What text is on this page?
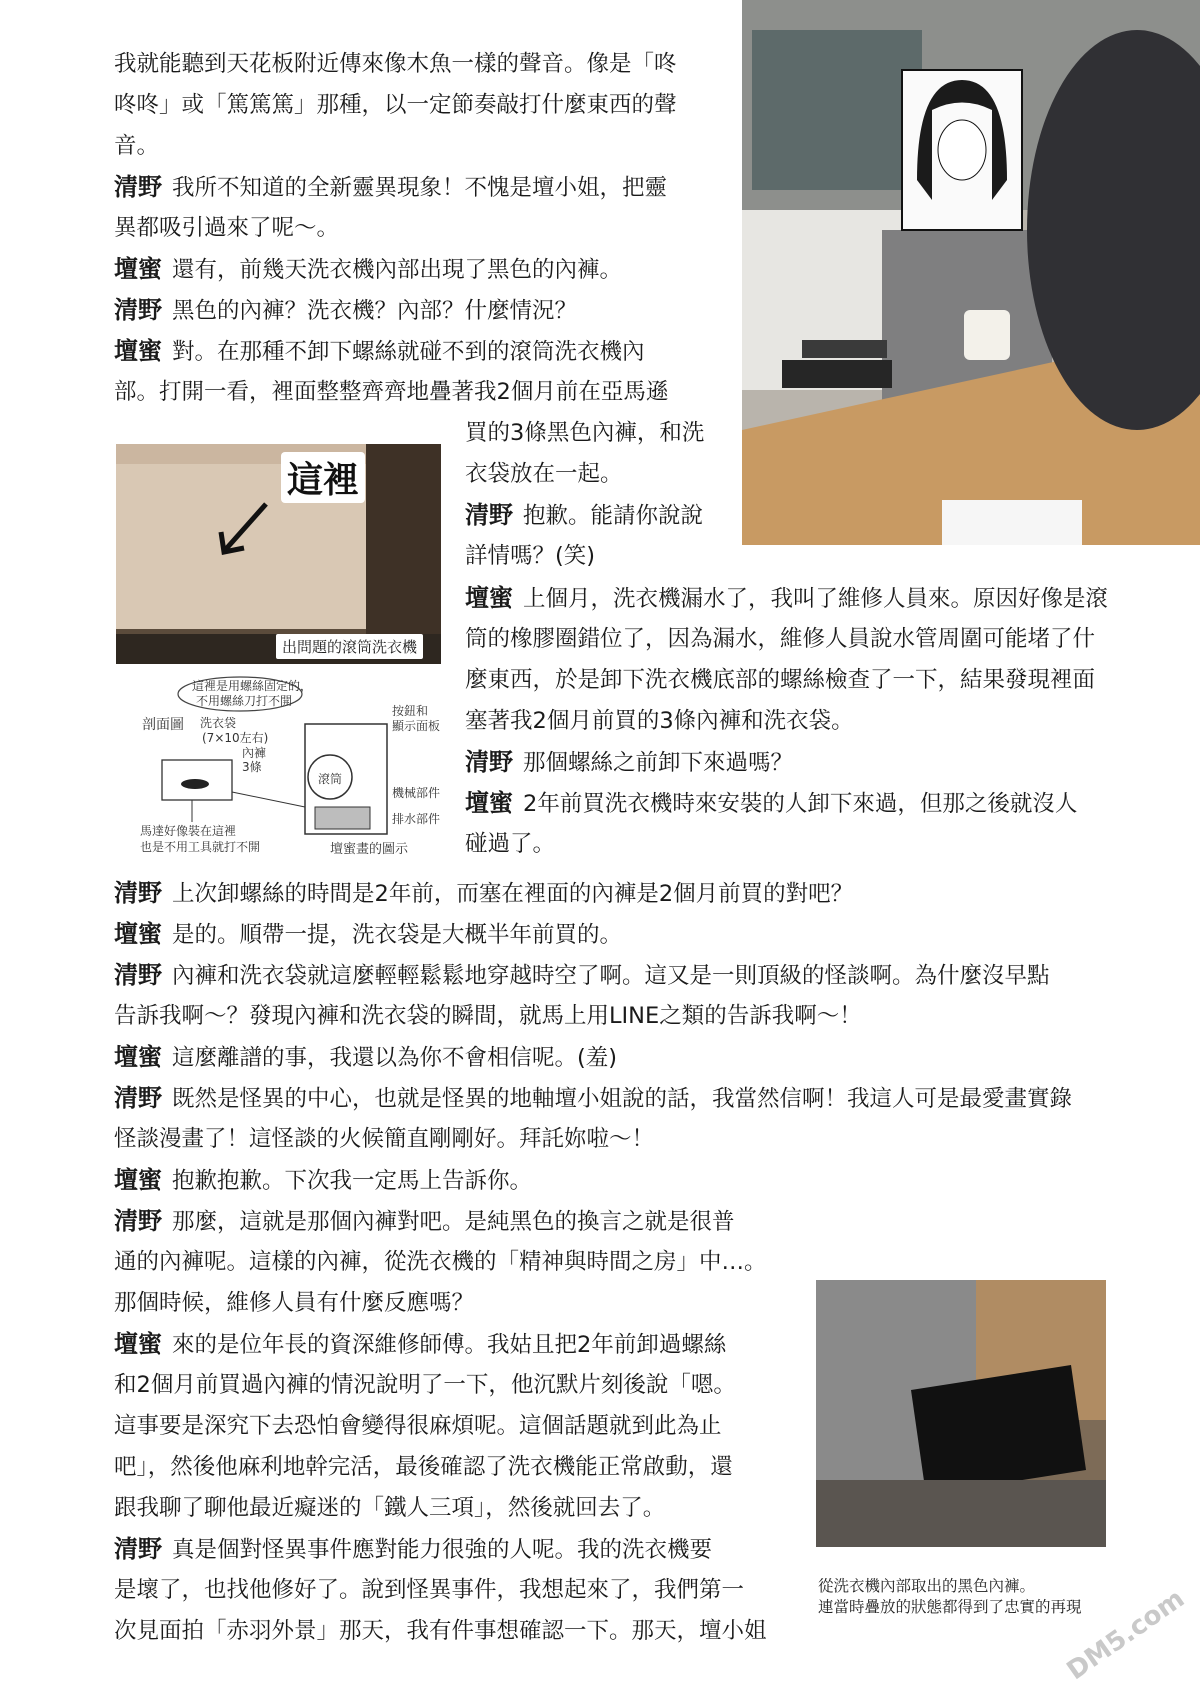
這裡
出問題的滾筒洗衣機
這裡是用螺絲固定的，
不用螺絲刀打不開
剖面圖 洗衣袋
(7×10左右)
內褲
3條
滾筒
按鈕和
顯示面板
機械部件
排水部件
馬達好像裝在這裡
也是不用工具就打不開	壇蜜畫的圖示
從洗衣機內部取出的黑色內褲。
連當時疊放的狀態都得到了忠實的再現
DM5.com
我就能聽到天花板附近傳來像木魚一樣的聲音。像是「咚
咚咚」或「篤篤篤」那種，以一定節奏敲打什麼東西的聲
音。
清野 我所不知道的全新靈異現象！不愧是壇小姐，把靈
異都吸引過來了呢〜。
壇蜜 還有，前幾天洗衣機內部出現了黑色的內褲。
清野 黑色的內褲？洗衣機？內部？什麼情況？
壇蜜 對。在那種不卸下螺絲就碰不到的滾筒洗衣機內
部。打開一看，裡面整整齊齊地疊著我2個月前在亞馬遜
買的3條黑色內褲，和洗
衣袋放在一起。
清野 抱歉。能請你說說
詳情嗎？(笑)
壇蜜 上個月，洗衣機漏水了，我叫了維修人員來。原因好像是滾
筒的橡膠圈錯位了，因為漏水，維修人員說水管周圍可能堵了什
麼東西，於是卸下洗衣機底部的螺絲檢查了一下，結果發現裡面
塞著我2個月前買的3條內褲和洗衣袋。
清野 那個螺絲之前卸下來過嗎？
壇蜜 2年前買洗衣機時來安裝的人卸下來過，但那之後就沒人
碰過了。
清野 上次卸螺絲的時間是2年前，而塞在裡面的內褲是2個月前買的對吧？
壇蜜 是的。順帶一提，洗衣袋是大概半年前買的。
清野 內褲和洗衣袋就這麼輕輕鬆鬆地穿越時空了啊。這又是一則頂級的怪談啊。為什麼沒早點
告訴我啊〜？發現內褲和洗衣袋的瞬間，就馬上用LINE之類的告訴我啊〜！
壇蜜 這麼離譜的事，我還以為你不會相信呢。(羞)
清野 既然是怪異的中心，也就是怪異的地軸壇小姐說的話，我當然信啊！我這人可是最愛畫實錄
怪談漫畫了！這怪談的火候簡直剛剛好。拜託妳啦〜！
壇蜜 抱歉抱歉。下次我一定馬上告訴你。
清野 那麼，這就是那個內褲對吧。是純黑色的換言之就是很普
通的內褲呢。這樣的內褲，從洗衣機的「精神與時間之房」中…。
那個時候，維修人員有什麼反應嗎？
壇蜜 來的是位年長的資深維修師傅。我姑且把2年前卸過螺絲
和2個月前買過內褲的情況說明了一下，他沉默片刻後說「嗯。
這事要是深究下去恐怕會變得很麻煩呢。這個話題就到此為止
吧」，然後他麻利地幹完活，最後確認了洗衣機能正常啟動，還
跟我聊了聊他最近癡迷的「鐵人三項」，然後就回去了。
清野 真是個對怪異事件應對能力很強的人呢。我的洗衣機要
是壞了，也找他修好了。說到怪異事件，我想起來了，我們第一
次見面拍「赤羽外景」那天，我有件事想確認一下。那天，壇小姐
